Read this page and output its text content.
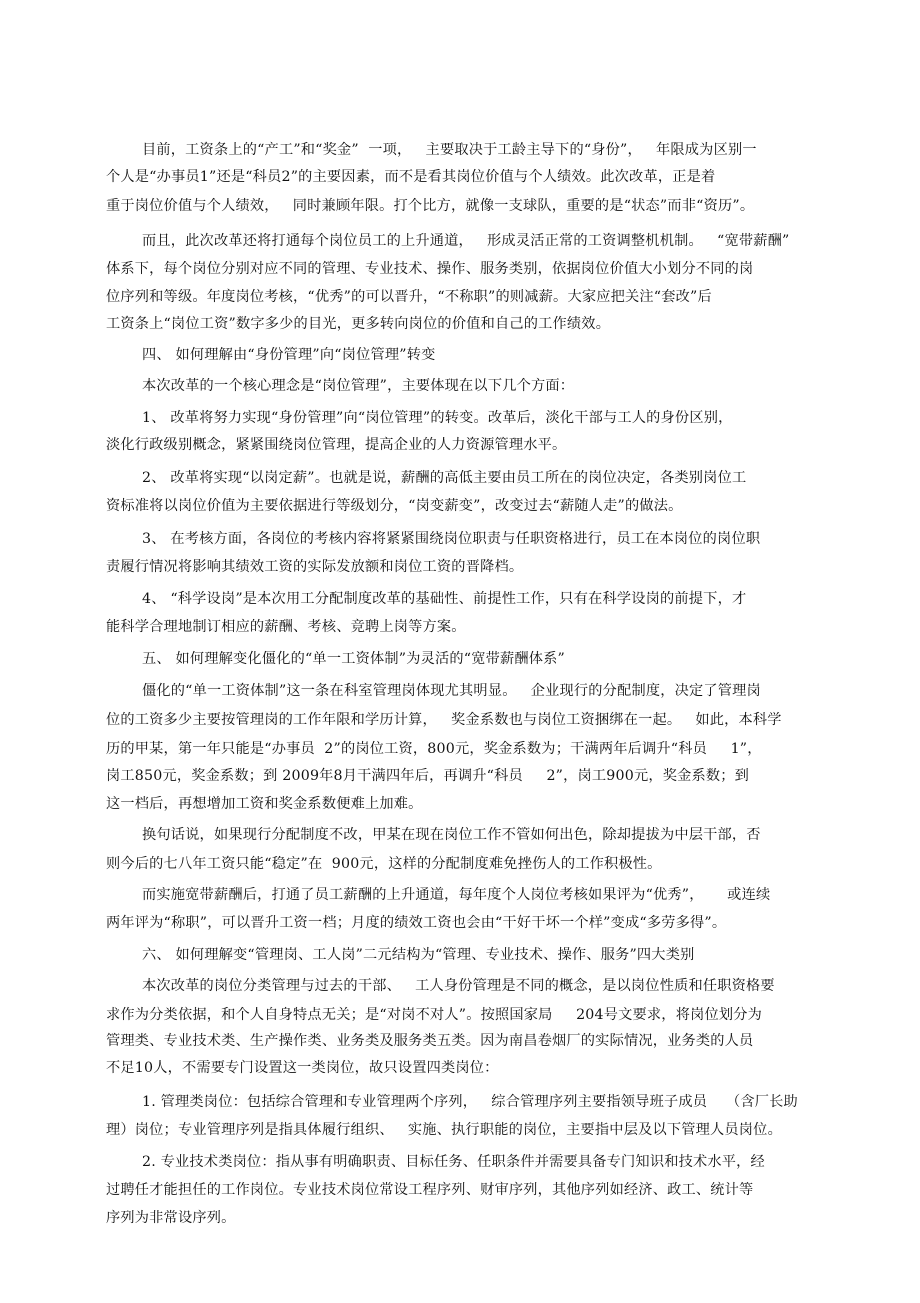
目前，工资条上的“产工”和“奖金”  一项，   主要取决于工龄主导下的“身份”，   年限成为区别一

个人是“办事员1”还是“科员2”的主要因素，而不是看其岗位价值与个人绩效。此次改革，正是着

重于岗位价值与个人绩效，   同时兼顾年限。打个比方，就像一支球队，重要的是“状态”而非“资历”。

而且，此次改革还将打通每个岗位员工的上升通道，   形成灵活正常的工资调整机机制。   “宽带薪酬”

体系下，每个岗位分别对应不同的管理、专业技术、操作、服务类别，依据岗位价值大小划分不同的岗

位序列和等级。年度岗位考核，“优秀”的可以晋升，“不称职”的则减薪。大家应把关注“套改”后

工资条上“岗位工资”数字多少的目光，更多转向岗位的价值和自己的工作绩效。

四、 如何理解由“身份管理”向“岗位管理”转变

本次改革的一个核心理念是“岗位管理”，主要体现在以下几个方面：

1、 改革将努力实现“身份管理”向“岗位管理”的转变。改革后，淡化干部与工人的身份区别，

淡化行政级别概念，紧紧围绕岗位管理，提高企业的人力资源管理水平。

2、 改革将实现“以岗定薪”。也就是说，薪酬的高低主要由员工所在的岗位决定，各类别岗位工

资标准将以岗位价值为主要依据进行等级划分，“岗变薪变”，改变过去“薪随人走”的做法。

3、 在考核方面，各岗位的考核内容将紧紧围绕岗位职责与任职资格进行，员工在本岗位的岗位职

责履行情况将影响其绩效工资的实际发放额和岗位工资的晋降档。

4、 “科学设岗”是本次用工分配制度改革的基础性、前提性工作，只有在科学设岗的前提下，才

能科学合理地制订相应的薪酬、考核、竞聘上岗等方案。

五、 如何理解变化僵化的“单一工资体制”为灵活的“宽带薪酬体系”

僵化的“单一工资体制”这一条在科室管理岗体现尤其明显。   企业现行的分配制度，决定了管理岗

位的工资多少主要按管理岗的工作年限和学历计算，   奖金系数也与岗位工资捆绑在一起。   如此，本科学

历的甲某，第一年只能是“办事员  2”的岗位工资，800元，奖金系数为；干满两年后调升“科员     1”，

岗工850元，奖金系数；到 2009年8月干满四年后，再调升“科员     2”，岗工900元，奖金系数；到

这一档后，再想增加工资和奖金系数便难上加难。

换句话说，如果现行分配制度不改，甲某在现在岗位工作不管如何出色，除却提拔为中层干部，否

则今后的七八年工资只能“稳定”在  900元，这样的分配制度难免挫伤人的工作积极性。

而实施宽带薪酬后，打通了员工薪酬的上升通道，每年度个人岗位考核如果评为“优秀”，     或连续

两年评为“称职”，可以晋升工资一档；月度的绩效工资也会由“干好干坏一个样”变成“多劳多得”。

六、 如何理解变“管理岗、工人岗”二元结构为“管理、专业技术、操作、服务”四大类别

本次改革的岗位分类管理与过去的干部、   工人身份管理是不同的概念，是以岗位性质和任职资格要

求作为分类依据，和个人自身特点无关；是“对岗不对人”。按照国家局     204号文要求，将岗位划分为

管理类、专业技术类、生产操作类、业务类及服务类五类。因为南昌卷烟厂的实际情况，业务类的人员

不足10人，不需要专门设置这一类岗位，故只设置四类岗位：

1. 管理类岗位：包括综合管理和专业管理两个序列，   综合管理序列主要指领导班子成员    （含厂长助

理）岗位；专业管理序列是指具体履行组织、   实施、执行职能的岗位，主要指中层及以下管理人员岗位。

2. 专业技术类岗位：指从事有明确职责、目标任务、任职条件并需要具备专门知识和技术水平，经

过聘任才能担任的工作岗位。专业技术岗位常设工程序列、财审序列，其他序列如经济、政工、统计等

序列为非常设序列。
